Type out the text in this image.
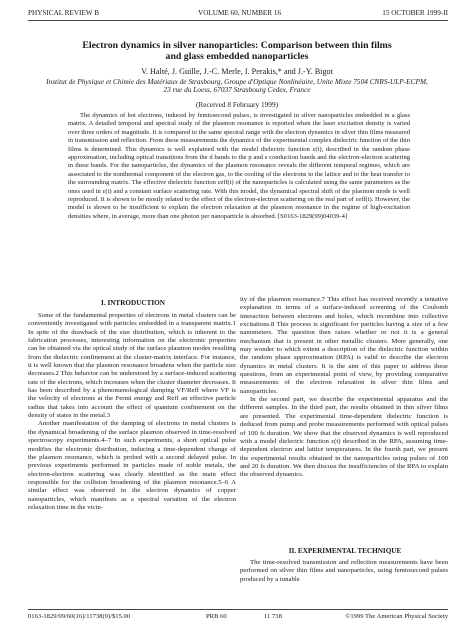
PHYSICAL REVIEW B	VOLUME 60, NUMBER 16	15 OCTOBER 1999-II
Electron dynamics in silver nanoparticles: Comparison between thin films
and glass embedded nanoparticles
V. Halté, J. Guille, J.-C. Merle, I. Perakis,* and J.-Y. Bigot
Institut de Physique et Chimie des Matériaux de Strasbourg, Groupe d'Optique Nonlinéaire, Unite Mixte 7504 CNRS-ULP-ECPM,
23 rue du Loess, 67037 Strasbourg Cedex, France
(Received 8 February 1999)
The dynamics of hot electrons, induced by femtosecond pulses, is investigated in silver nanoparticles embedded in a glass matrix. A detailed temporal and spectral study of the plasmon resonance is reported when the laser excitation density is varied over three orders of magnitude. It is compared to the same spectral range with the electron dynamics in silver thin films measured in transmission and reflection. From these measurements the dynamics of the experimental complex dielectric function of the thin films is determined. This dynamics is well explained with the model dielectric function ε(t), described in the random phase approximation, including optical transitions from the d bands to the p and s conduction bands and the electron-electron scattering in these bands. For the nanoparticles, the dynamics of the plasmon resonance reveals the different temporal regimes, which are associated to the nonthermal component of the electron gas, to the cooling of the electrons to the lattice and to the heat transfer to the surrounding matrix. The effective dielectric function εeff(t) of the nanoparticles is calculated using the same parameters as the ones used in ε(t) and a constant surface scattering rate. With this model, the dynamical spectral shift of the plasmon mode is well reproduced. It is shown to be mostly related to the effect of the electron-electron scattering on the real part of εeff(t). However, the model is shown to be insufficient to explain the electron relaxation at the plasmon resonance in the regime of high-excitation densities where, in average, more than one photon per nanoparticle is absorbed. [S0163-1829(99)04039-4]
I. INTRODUCTION

Some of the fundamental properties of electrons in metal clusters can be conveniently investigated with particles embedded in a transparent matrix.1 In spite of the drawback of the size distribution, which is inherent to the fabrication processes, interesting information on the electronic properties can be obtained via the optical study of the surface plasmon modes resulting from the dielectric confinement at the cluster-matrix interface. For instance, it is well known that the plasmon resonance broadens when the particle size decreases.2 This behavior can be understood by a surface-induced scattering rate of the electrons, which increases when the cluster diameter decreases. It has been described by a phenomenological damping VF/Reff where VF is the velocity of electrons at the Fermi energy and Reff an effective particle radius that takes into account the effect of quantum confinement on the density of states in the metal.3

Another manifestation of the damping of electrons in metal clusters is the dynamical broadening of the surface plasmon observed in time-resolved spectroscopy experiments.4–7 In such experiments, a short optical pulse modifies the electronic distribution, inducing a time-dependent change of the plasmon resonance, which is probed with a second delayed pulse. In previous experiments performed in particles made of noble metals, the electron-electron scattering was clearly identified as the main effect responsible for the collision broadening of the plasmon resonance.5–6 A similar effect was observed in the electron dynamics of copper nanoparticles, which manifests as a spectral variation of the electron relaxation time in the vicin-

ity of the plasmon resonance.7 This effect has received recently a tentative explanation in terms of a surface-induced screening of the Coulomb interaction between electrons and holes, which recombine into collective excitations.8 This process is significant for particles having a size of a few nanometers. The question then raises whether or not it is a general mechanism that is present in other metallic clusters. More generally, one may wonder to which extent a description of the dielectric function within the random phase approximation (RPA) is valid to describe the electron dynamics in metal clusters. It is the aim of this paper to address these questions, from an experimental point of view, by providing comparative measurements of the electron relaxation in silver thin films and nanoparticles.

In the second part, we describe the experimental apparatus and the different samples. In the third part, the results obtained in thin silver films are presented. The experimental time-dependent dielectric function is deduced from pump and probe measurements performed with optical pulses of 100 fs duration. We show that the observed dynamics is well reproduced with a model dielectric function ε(t) described in the RPA, assuming time-dependent electron and lattice temperatures. In the fourth part, we present the experimental results obtained in the nanoparticles using pulses of 100 and 20 fs duration. We then discuss the insufficiencies of the RPA to explain the observed dynamics.

II. EXPERIMENTAL TECHNIQUE

The time-resolved transmission and reflection measurements have been performed on silver thin films and nanoparticles, using femtosecond pulses produced by a tunable

0163-1829/99/60(16)/11738(9)/$15.00	PRB 60	11 738	©1999 The American Physical Society
